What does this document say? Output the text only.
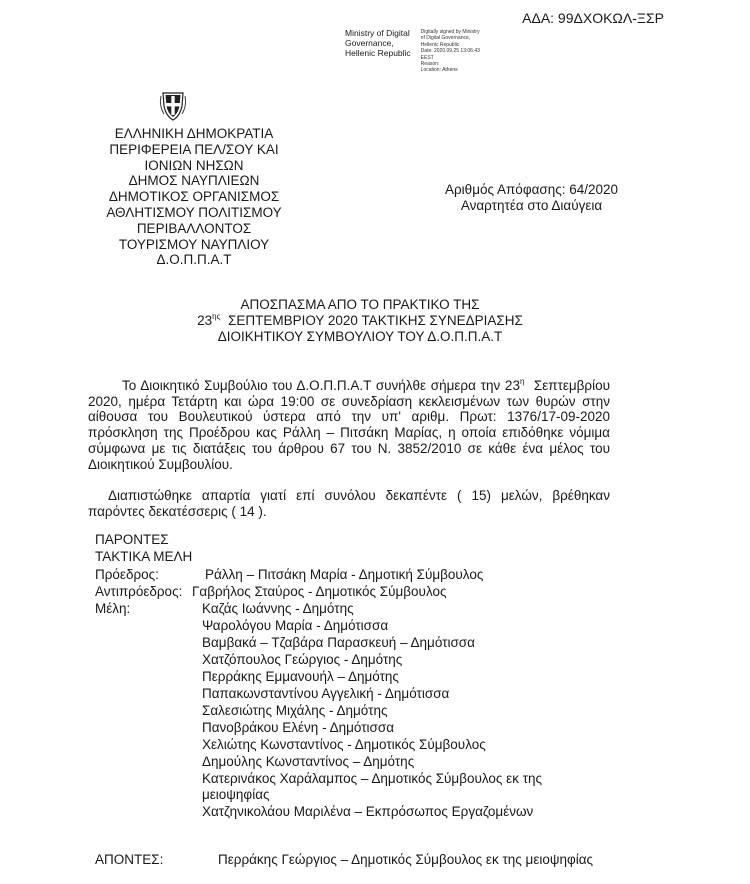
ΑΔΑ: 99ΔΧΟΚΩΛ-ΞΣΡ
Ministry of Digital
Governance,
Hellenic Republic
Digitally signed by Ministry
of Digital Governance,
Hellenic Republic
Date: 2020.09.25 13:06:43
EEST
Reason:
Location: Athens
ΕΛΛΗΝΙΚΗ ΔΗΜΟΚΡΑΤΙΑ
ΠΕΡΙΦΕΡΕΙΑ ΠΕΛ/ΣΟΥ ΚΑΙ
ΙΟΝΙΩΝ ΝΗΣΩΝ
ΔΗΜΟΣ ΝΑΥΠΛΙΕΩΝ
ΔΗΜΟΤΙΚΟΣ ΟΡΓΑΝΙΣΜΟΣ
ΑΘΛΗΤΙΣΜΟΥ ΠΟΛΙΤΙΣΜΟΥ
ΠΕΡΙΒΑΛΛΟΝΤΟΣ
ΤΟΥΡΙΣΜΟΥ ΝΑΥΠΛΙΟΥ
Δ.Ο.Π.Π.Α.Τ
Αριθμός Απόφασης: 64/2020
Αναρτητέα στο Διαύγεια
ΑΠΟΣΠΑΣΜΑ ΑΠΟ ΤΟ ΠΡΑΚΤΙΚΟ ΤΗΣ
$23^{\eta\varsigma}$  ΣΕΠΤΕΜΒΡΙΟΥ 2020 ΤΑΚΤΙΚΗΣ ΣΥΝΕΔΡΙΑΣΗΣ
ΔΙΟΙΚΗΤΙΚΟΥ ΣΥΜΒΟΥΛΙΟΥ ΤΟΥ Δ.Ο.Π.Π.Α.Τ
Το Διοικητικό Συμβούλιο του Δ.Ο.Π.Π.Α.Τ συνήλθε σήμερα την $23^\eta$  Σεπτεμβρίου
2020, ημέρα Τετάρτη και ώρα 19:00 σε συνεδρίαση κεκλεισμένων των θυρών στην
αίθουσα του Βουλευτικού ύστερα από την υπ' αριθμ. Πρωτ: 1376/17-09-2020
πρόσκληση της Προέδρου κας Ράλλη – Πιτσάκη Μαρίας, η οποία επιδόθηκε νόμιμα
σύμφωνα με τις διατάξεις του άρθρου 67 του Ν. 3852/2010 σε κάθε ένα μέλος του
Διοικητικού Συμβουλίου.
Διαπιστώθηκε απαρτία γιατί επί συνόλου δεκαπέντε ( 15) μελών, βρέθηκαν
παρόντες δεκατέσσερις ( 14 ).
ΠΑΡΟΝΤΕΣ
ΤΑΚΤΙΚΑ ΜΕΛΗ
Πρόεδρος:	Ράλλη – Πιτσάκη Μαρία - Δημοτική Σύμβουλος
Αντιπρόεδρος: Γαβρήλος Σταύρος - Δημοτικός Σύμβουλος
Μέλη:	Καζάς Ιωάννης - Δημότης
Ψαρολόγου Μαρία - Δημότισσα
Βαμβακά – Τζαβάρα Παρασκευή – Δημότισσα
Χατζόπουλος Γεώργιος - Δημότης
Περράκης Εμμανουήλ – Δημότης
Παπακωνσταντίνου Αγγελική - Δημότισσα
Σαλεσιώτης Μιχάλης - Δημότης
Πανοβράκου Ελένη - Δημότισσα
Χελιώτης Κωνσταντίνος - Δημοτικός Σύμβουλος
Δημούλης Κωνσταντίνος – Δημότης
Κατερινάκος Χαράλαμπος – Δημοτικός Σύμβουλος εκ της
μειοψηφίας
Χατζηνικολάου Μαριλένα – Εκπρόσωπος Εργαζομένων
ΑΠΟΝΤΕΣ:	Περράκης Γεώργιος – Δημοτικός Σύμβουλος εκ της μειοψηφίας
